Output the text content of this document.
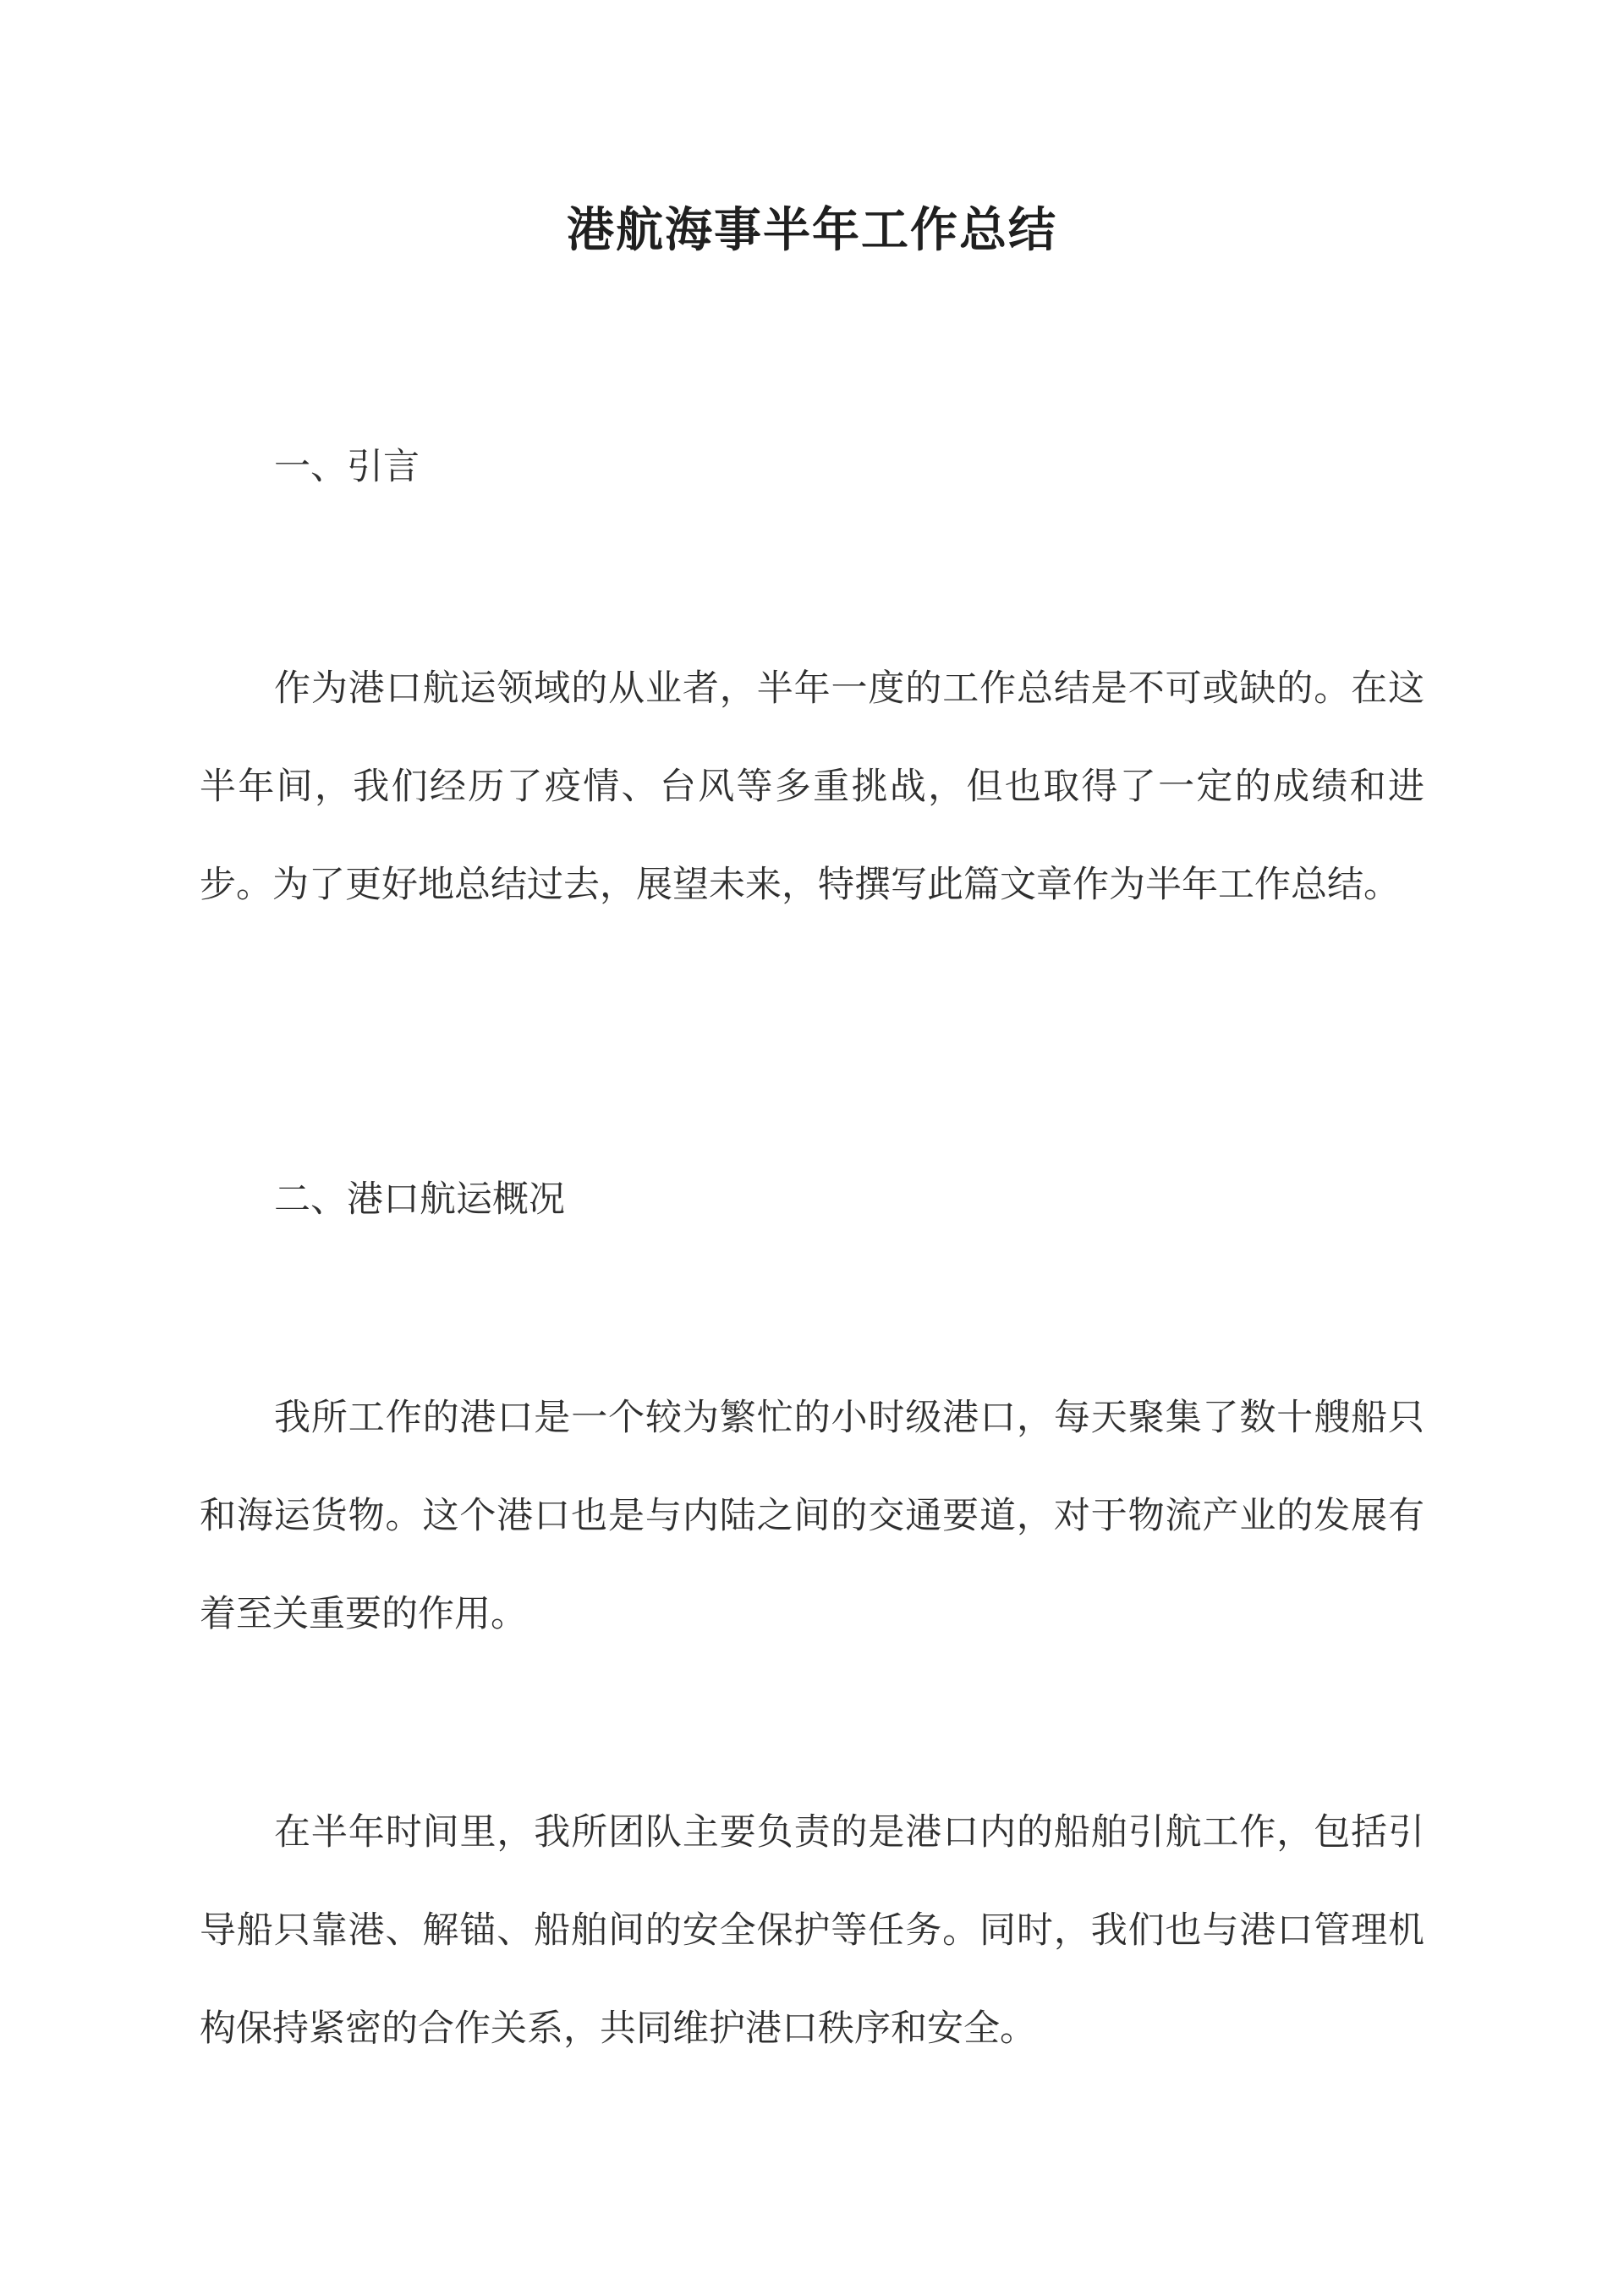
港航海事半年工作总结
一、引言

作为港口航运领域的从业者，半年一度的工作总结是不可或缺的。在这半年间，我们经历了疫情、台风等多重挑战，但也取得了一定的成绩和进步。为了更好地总结过去，展望未来，特撰写此篇文章作为半年工作总结。

二、港口航运概况

我所工作的港口是一个较为繁忙的小时级港口，每天聚集了数十艘船只和海运货物。这个港口也是与内陆之间的交通要道，对于物流产业的发展有着至关重要的作用。

在半年时间里，我所团队主要负责的是港口内的船舶引航工作，包括引导船只靠港、解锚、船舶间的安全保护等任务。同时，我们也与港口管理机构保持紧密的合作关系，共同维护港口秩序和安全。
